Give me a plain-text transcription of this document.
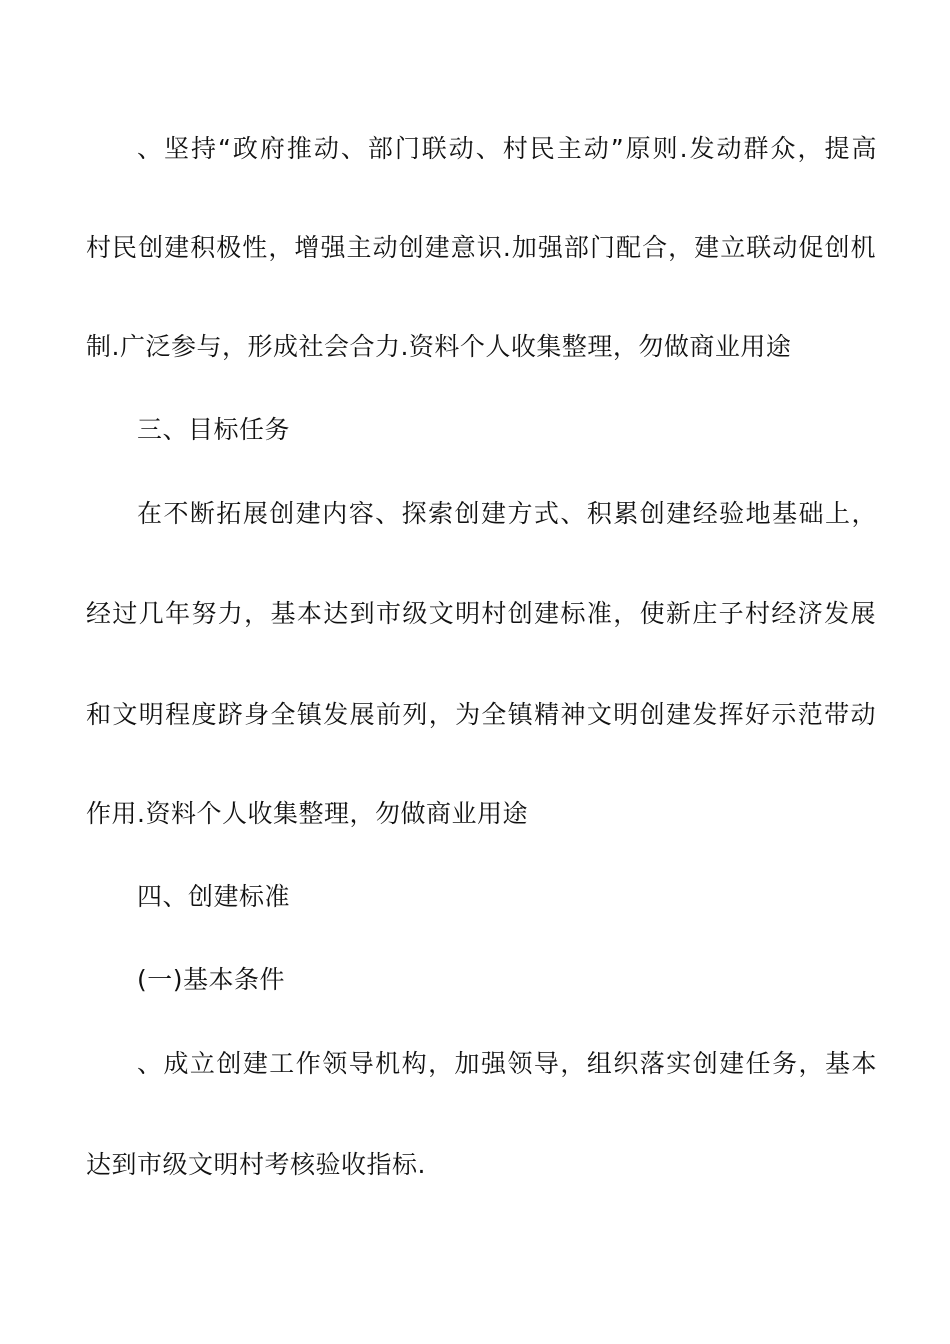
、坚持“政府推动、部门联动、村民主动”原则.发动群众，提高
村民创建积极性，增强主动创建意识.加强部门配合，建立联动促创机
制.广泛参与，形成社会合力.资料个人收集整理，勿做商业用途
三、目标任务
在不断拓展创建内容、探索创建方式、积累创建经验地基础上，
经过几年努力，基本达到市级文明村创建标准，使新庄子村经济发展
和文明程度跻身全镇发展前列，为全镇精神文明创建发挥好示范带动
作用.资料个人收集整理，勿做商业用途
四、创建标准
(一)基本条件
、成立创建工作领导机构，加强领导，组织落实创建任务，基本
达到市级文明村考核验收指标.
